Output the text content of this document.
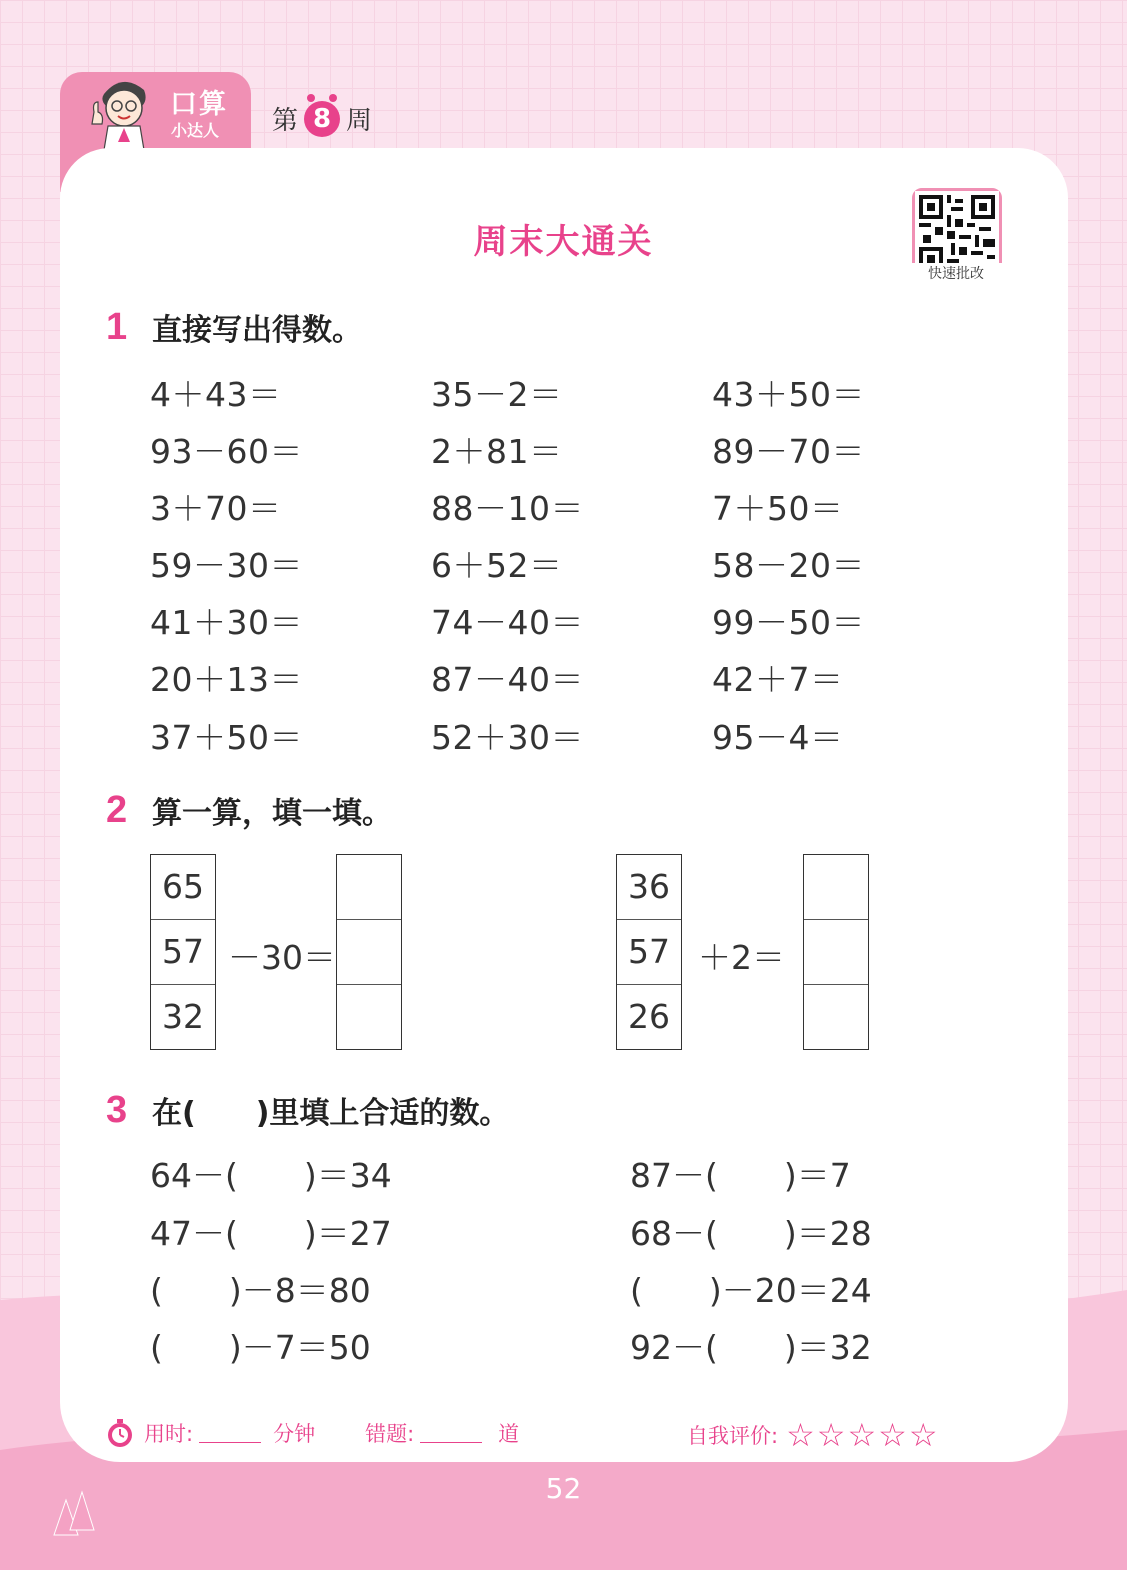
口算
小达人 第 8 周
周末大通关
快速批改
1 直接写出得数。
4＋43＝	35－2＝	43＋50＝
93－60＝	2＋81＝	89－70＝
3＋70＝	88－10＝	7＋50＝
59－30＝	6＋52＝	58－20＝
41＋30＝	74－40＝	99－50＝
20＋13＝	87－40＝	42＋7＝
37＋50＝	52＋30＝	95－4＝
2 算一算，填一填。
65
57
32
－30＝
36
57
26
＋2＝
3 在(　　)里填上合适的数。
64－(　　)＝34
47－(　　)＝27
(　　)－8＝80
(　　)－7＝50
87－(　　)＝7
68－(　　)＝28
(　　)－20＝24
92－(　　)＝32
用时:	分钟 错题:	道	自我评价: ☆☆☆☆☆
52
